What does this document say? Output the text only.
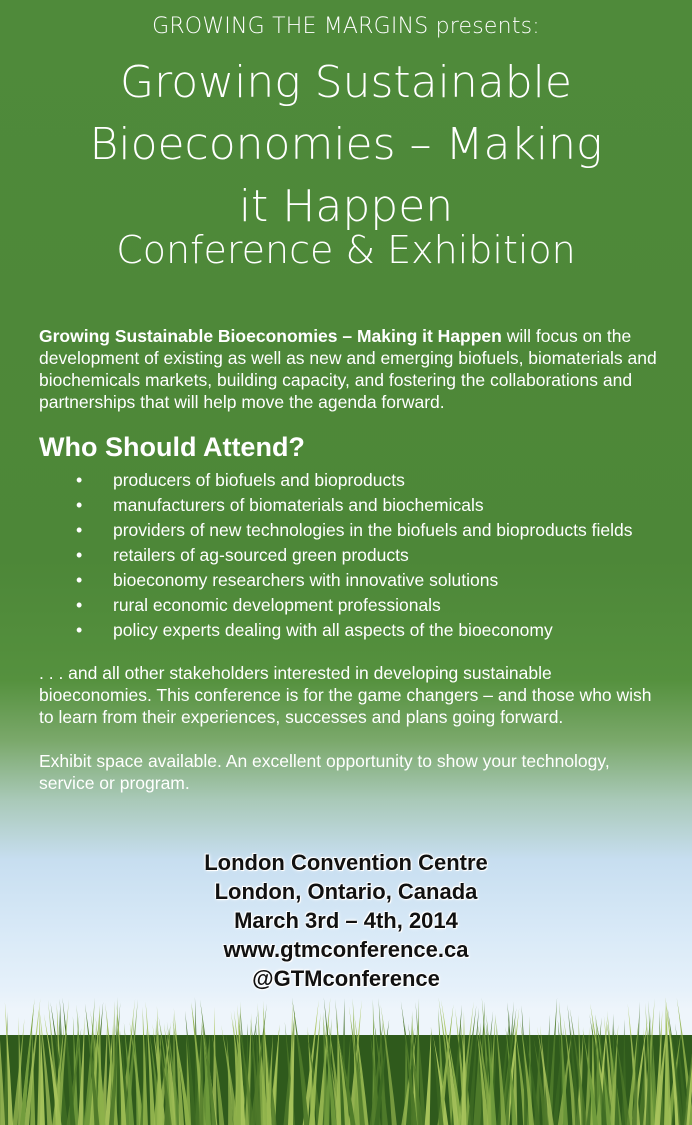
GROWING THE MARGINS presents:
Growing Sustainable
Bioeconomies – Making
it Happen
Conference & Exhibition
Growing Sustainable Bioeconomies – Making it Happen will focus on the development of existing as well as new and emerging biofuels, biomaterials and biochemicals markets, building capacity, and fostering the collaborations and partnerships that will help move the agenda forward.
Who Should Attend?
• producers of biofuels and bioproducts
• manufacturers of biomaterials and biochemicals
• providers of new technologies in the biofuels and bioproducts fields
• retailers of ag-sourced green products
• bioeconomy researchers with innovative solutions
• rural economic development professionals
• policy experts dealing with all aspects of the bioeconomy
. . . and all other stakeholders interested in developing sustainable bioeconomies. This conference is for the game changers – and those who wish to learn from their experiences, successes and plans going forward.
Exhibit space available. An excellent opportunity to show your technology, service or program.
London Convention Centre
London, Ontario, Canada
March 3rd – 4th, 2014
www.gtmconference.ca
@GTMconference
